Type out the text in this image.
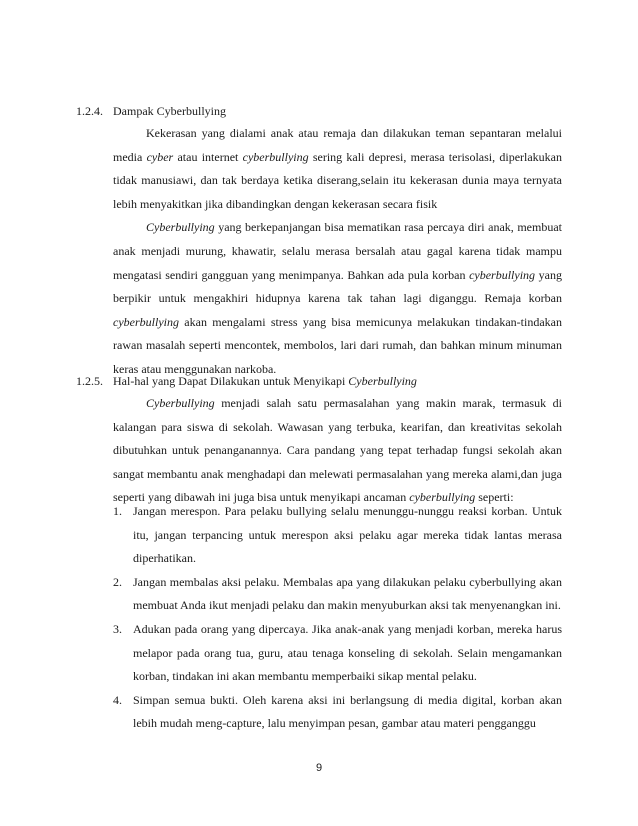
1.2.4. Dampak Cyberbullying

Kekerasan yang dialami anak atau remaja dan dilakukan teman sepantaran melalui media cyber atau internet cyberbullying sering kali depresi, merasa terisolasi, diperlakukan tidak manusiawi, dan tak berdaya ketika diserang,selain itu kekerasan dunia maya ternyata lebih menyakitkan jika dibandingkan dengan kekerasan secara fisik

Cyberbullying yang berkepanjangan bisa mematikan rasa percaya diri anak, membuat anak menjadi murung, khawatir, selalu merasa bersalah atau gagal karena tidak mampu mengatasi sendiri gangguan yang menimpanya. Bahkan ada pula korban cyberbullying yang berpikir untuk mengakhiri hidupnya karena tak tahan lagi diganggu. Remaja korban cyberbullying akan mengalami stress yang bisa memicunya melakukan tindakan-tindakan rawan masalah seperti mencontek, membolos, lari dari rumah, dan bahkan minum minuman keras atau menggunakan narkoba.

1.2.5. Hal-hal yang Dapat Dilakukan untuk Menyikapi Cyberbullying

Cyberbullying menjadi salah satu permasalahan yang makin marak, termasuk di kalangan para siswa di sekolah. Wawasan yang terbuka, kearifan, dan kreativitas sekolah dibutuhkan untuk penanganannya. Cara pandang yang tepat terhadap fungsi sekolah akan sangat membantu anak menghadapi dan melewati permasalahan yang mereka alami,dan juga seperti yang dibawah ini juga bisa untuk menyikapi ancaman cyberbullying seperti:

1. Jangan merespon. Para pelaku bullying selalu menunggu-nunggu reaksi korban. Untuk itu, jangan terpancing untuk merespon aksi pelaku agar mereka tidak lantas merasa diperhatikan.
2. Jangan membalas aksi pelaku. Membalas apa yang dilakukan pelaku cyberbullying akan membuat Anda ikut menjadi pelaku dan makin menyuburkan aksi tak menyenangkan ini.
3. Adukan pada orang yang dipercaya. Jika anak-anak yang menjadi korban, mereka harus melapor pada orang tua, guru, atau tenaga konseling di sekolah. Selain mengamankan korban, tindakan ini akan membantu memperbaiki sikap mental pelaku.
4. Simpan semua bukti. Oleh karena aksi ini berlangsung di media digital, korban akan lebih mudah meng-capture, lalu menyimpan pesan, gambar atau materi pengganggu
9
